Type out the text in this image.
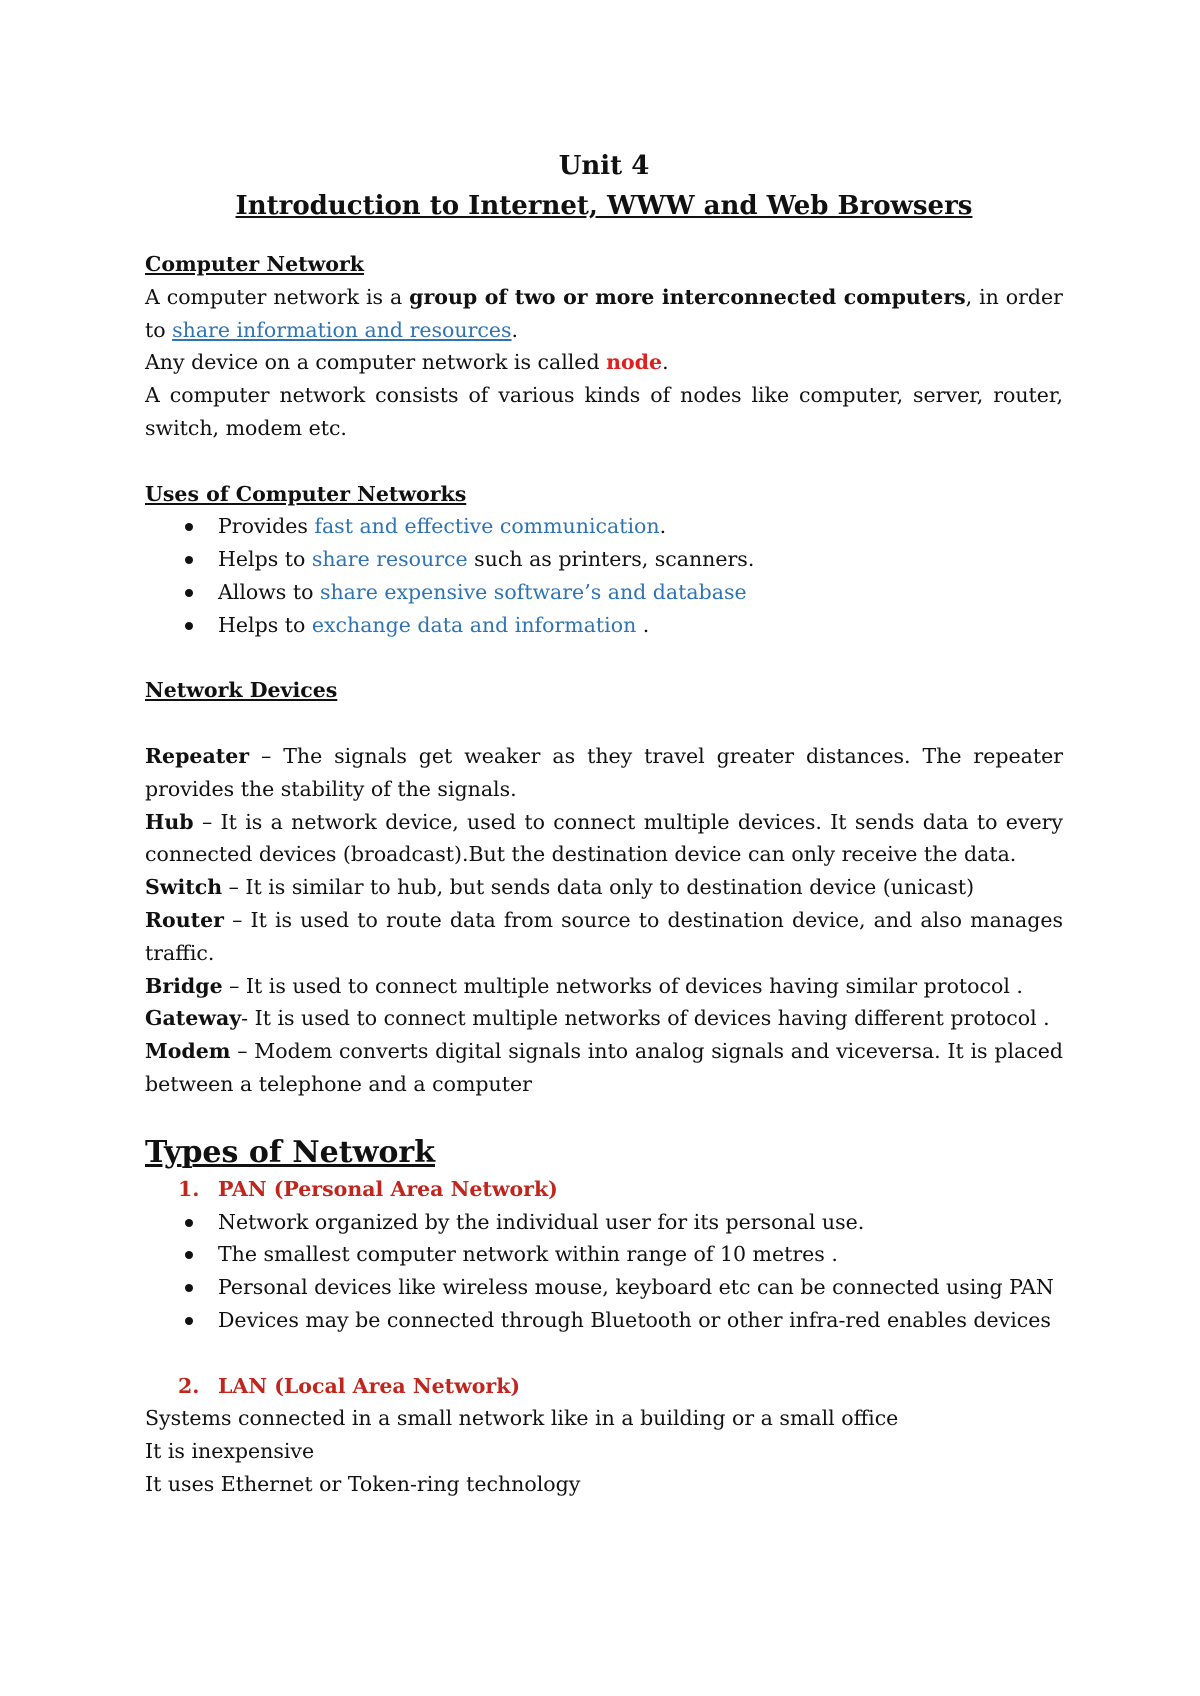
Unit 4

Introduction to Internet, WWW and Web Browsers

Computer Network

A computer network is a group of two or more interconnected computers, in order to share information and resources.

Any device on a computer network is called node.

A computer network consists of various kinds of nodes like computer, server, router, switch, modem etc.

Uses of Computer Networks

Provides fast and effective communication.
Helps to share resource such as printers, scanners.
Allows to share expensive software’s and database
Helps to exchange data and information .

Network Devices

Repeater – The signals get weaker as they travel greater distances. The repeater provides the stability of the signals.

Hub – It is a network device, used to connect multiple devices. It sends data to every connected devices (broadcast).But the destination device can only receive the data.

Switch – It is similar to hub, but sends data only to destination device (unicast)

Router – It is used to route data from source to destination device, and also manages traffic.

Bridge – It is used to connect multiple networks of devices having similar protocol .

Gateway- It is used to connect multiple networks of devices having different protocol .

Modem – Modem converts digital signals into analog signals and viceversa. It is placed between a telephone and a computer

Types of Network

1. PAN (Personal Area Network)

Network organized by the individual user for its personal use.
The smallest computer network within range of 10 metres .
Personal devices like wireless mouse, keyboard etc can be connected using PAN
Devices may be connected through Bluetooth or other infra-red enables devices

2. LAN (Local Area Network)

Systems connected in a small network like in a building or a small office

It is inexpensive

It uses Ethernet or Token-ring technology
